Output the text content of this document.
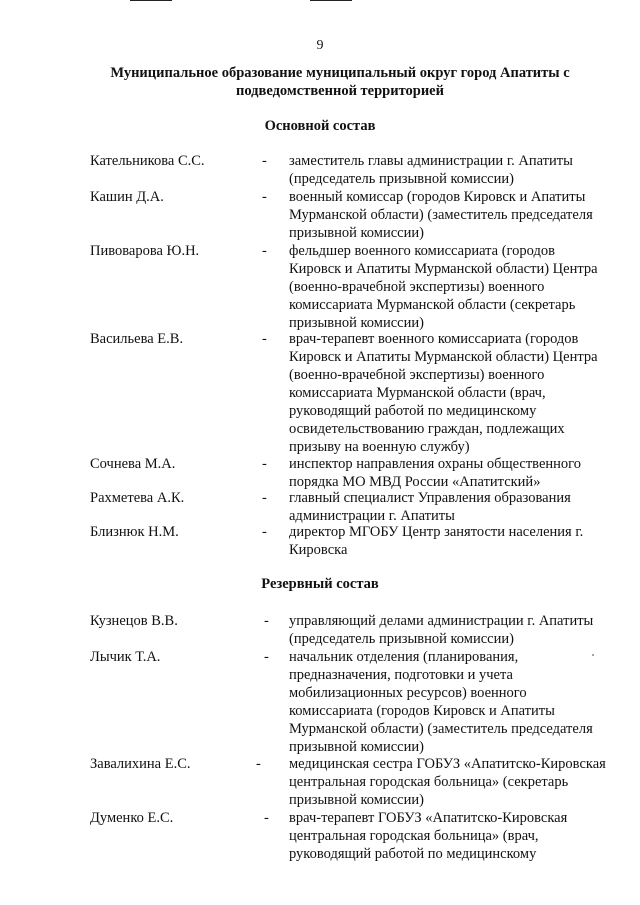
9
Муниципальное образование муниципальный округ город Апатиты с подведомственной территорией
Основной состав
Кательникова С.С.	- заместитель главы администрации г. Апатиты (председатель призывной комиссии)
Кашин Д.А.	- военный комиссар (городов Кировск и Апатиты Мурманской области) (заместитель председателя призывной комиссии)
Пивоварова Ю.Н.	- фельдшер военного комиссариата (городов Кировск и Апатиты Мурманской области) Центра (военно-врачебной экспертизы) военного комиссариата Мурманской области (секретарь призывной комиссии)
Васильева Е.В.	- врач-терапевт военного комиссариата (городов Кировск и Апатиты Мурманской области) Центра (военно-врачебной экспертизы) военного комиссариата Мурманской области (врач, руководящий работой по медицинскому освидетельствованию граждан, подлежащих призыву на военную службу)
Сочнева М.А.	- инспектор направления охраны общественного порядка МО МВД России «Апатитский»
Рахметева А.К.	- главный специалист Управления образования администрации г. Апатиты
Близнюк Н.М.	- директор МГОБУ Центр занятости населения г. Кировска
Резервный состав
Кузнецов В.В.	- управляющий делами администрации г. Апатиты (председатель призывной комиссии)
Лычик Т.А.	- начальник отделения (планирования, предназначения, подготовки и учета мобилизационных ресурсов) военного комиссариата (городов Кировск и Апатиты Мурманской области) (заместитель председателя призывной комиссии)
Завалихина Е.С.	- медицинская сестра ГОБУЗ «Апатитско-Кировская центральная городская больница» (секретарь призывной комиссии)
Думенко Е.С.	- врач-терапевт ГОБУЗ «Апатитско-Кировская центральная городская больница» (врач, руководящий работой по медицинскому
